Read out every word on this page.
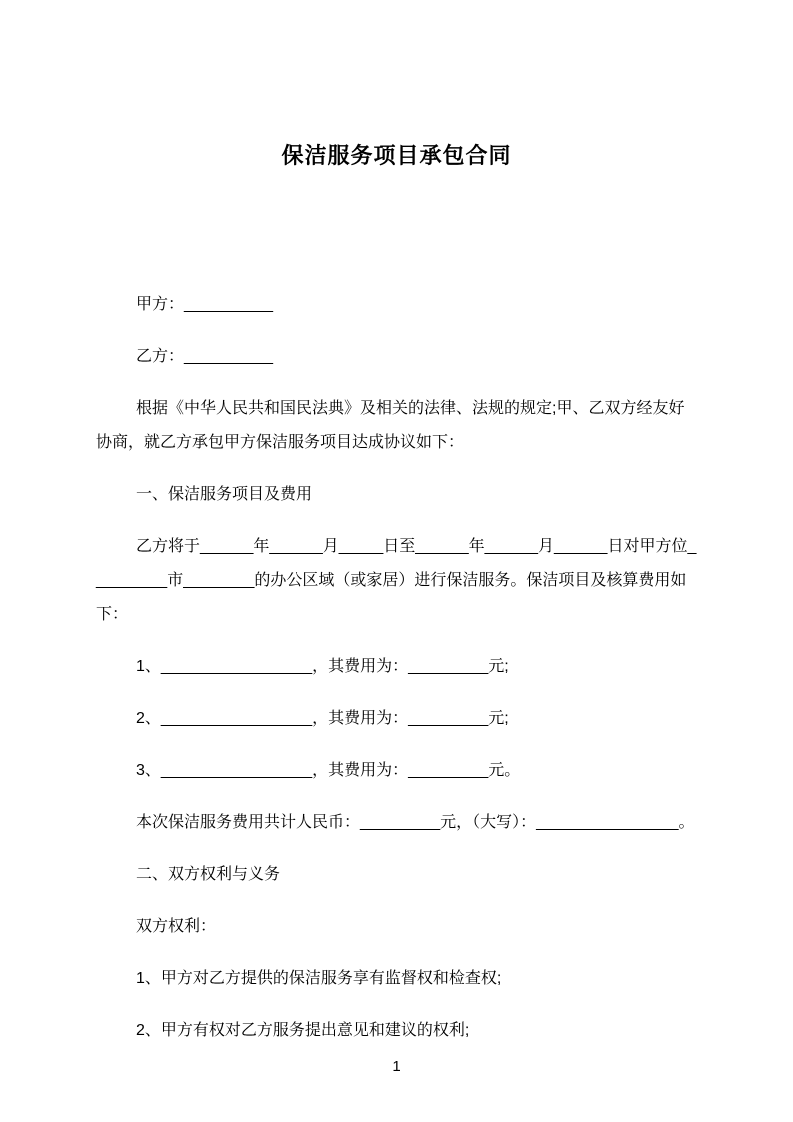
保洁服务项目承包合同

甲方：__________

乙方：__________

根据《中华人民共和国民法典》及相关的法律、法规的规定;甲、乙双方经友好协商，就乙方承包甲方保洁服务项目达成协议如下：

一、保洁服务项目及费用

乙方将于______年______月_____日至______年______月______日对甲方位_________市________的办公区域（或家居）进行保洁服务。保洁项目及核算费用如下：

1、_________________，其费用为：_________元;

2、_________________，其费用为：_________元;

3、_________________，其费用为：_________元。

本次保洁服务费用共计人民币：_________元，（大写）：________________。

二、双方权利与义务

双方权利：

1、甲方对乙方提供的保洁服务享有监督权和检查权;

2、甲方有权对乙方服务提出意见和建议的权利;

1
